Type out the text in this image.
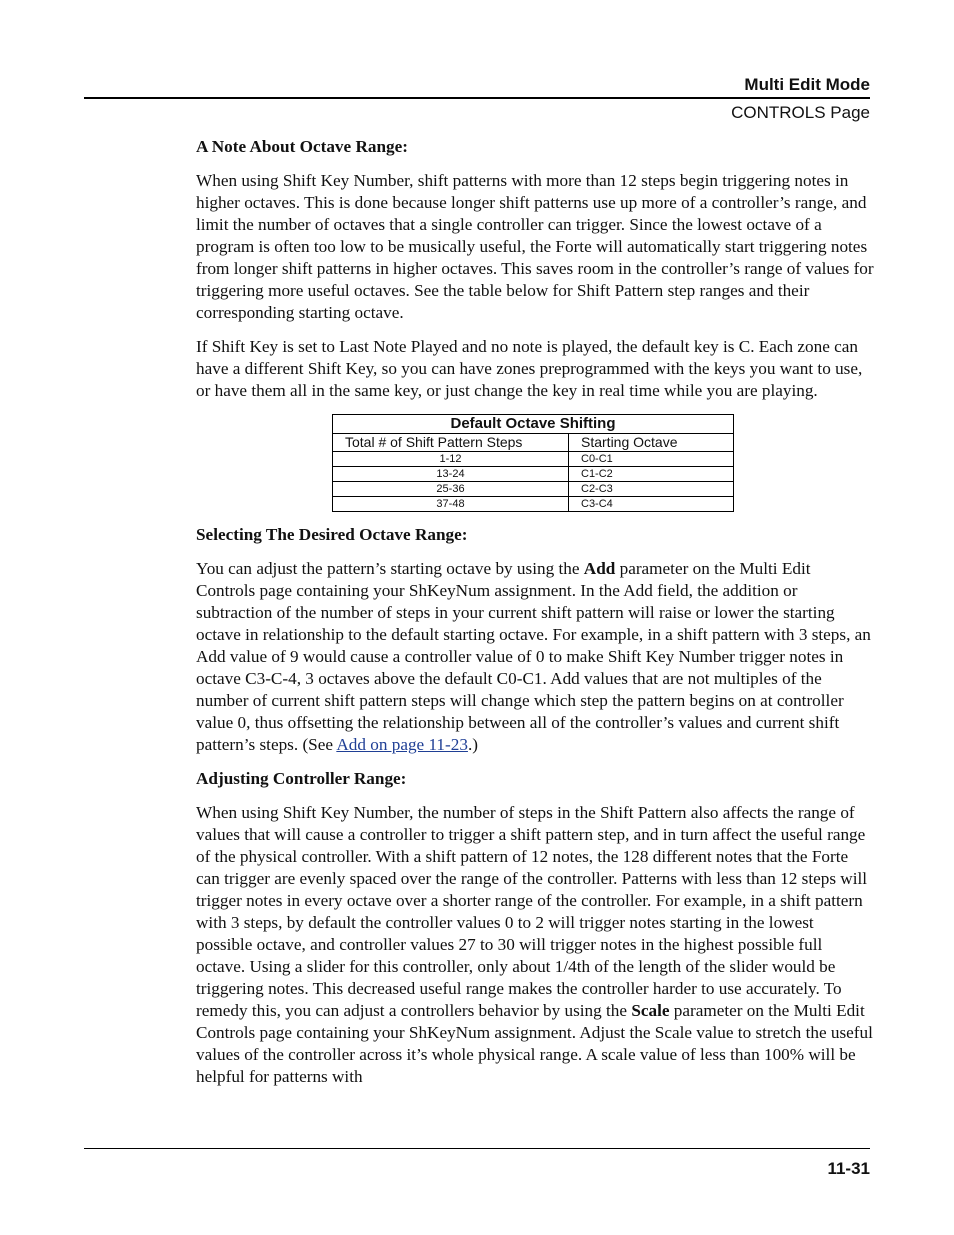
Multi Edit Mode
CONTROLS Page
A Note About Octave Range:

When using Shift Key Number, shift patterns with more than 12 steps begin triggering notes in higher octaves. This is done because longer shift patterns use up more of a controller’s range, and limit the number of octaves that a single controller can trigger. Since the lowest octave of a program is often too low to be musically useful, the Forte will automatically start triggering notes from longer shift patterns in higher octaves. This saves room in the controller’s range of values for triggering more useful octaves. See the table below for Shift Pattern step ranges and their corresponding starting octave.

If Shift Key is set to Last Note Played and no note is played, the default key is C. Each zone can have a different Shift Key, so you can have zones preprogrammed with the keys you want to use, or have them all in the same key, or just change the key in real time while you are playing.

Default Octave Shifting	
Total # of Shift Pattern Steps	Starting Octave
1-12	C0-C1
13-24	C1-C2
25-36	C2-C3
37-48	C3-C4
Selecting The Desired Octave Range:

You can adjust the pattern’s starting octave by using the Add parameter on the Multi Edit Controls page containing your ShKeyNum assignment. In the Add field, the addition or subtraction of the number of steps in your current shift pattern will raise or lower the starting octave in relationship to the default starting octave. For example, in a shift pattern with 3 steps, an Add value of 9 would cause a controller value of 0 to make Shift Key Number trigger notes in octave C3-C-4, 3 octaves above the default C0-C1. Add values that are not multiples of the number of current shift pattern steps will change which step the pattern begins on at controller value 0, thus offsetting the relationship between all of the controller’s values and current shift pattern’s steps. (See Add on page 11-23.)

Adjusting Controller Range:

When using Shift Key Number, the number of steps in the Shift Pattern also affects the range of values that will cause a controller to trigger a shift pattern step, and in turn affect the useful range of the physical controller. With a shift pattern of 12 notes, the 128 different notes that the Forte can trigger are evenly spaced over the range of the controller. Patterns with less than 12 steps will trigger notes in every octave over a shorter range of the controller. For example, in a shift pattern with 3 steps, by default the controller values 0 to 2 will trigger notes starting in the lowest possible octave, and controller values 27 to 30 will trigger notes in the highest possible full octave. Using a slider for this controller, only about 1/4th of the length of the slider would be triggering notes. This decreased useful range makes the controller harder to use accurately. To remedy this, you can adjust a controllers behavior by using the Scale parameter on the Multi Edit Controls page containing your ShKeyNum assignment. Adjust the Scale value to stretch the useful values of the controller across it’s whole physical range. A scale value of less than 100% will be helpful for patterns with

11-31
